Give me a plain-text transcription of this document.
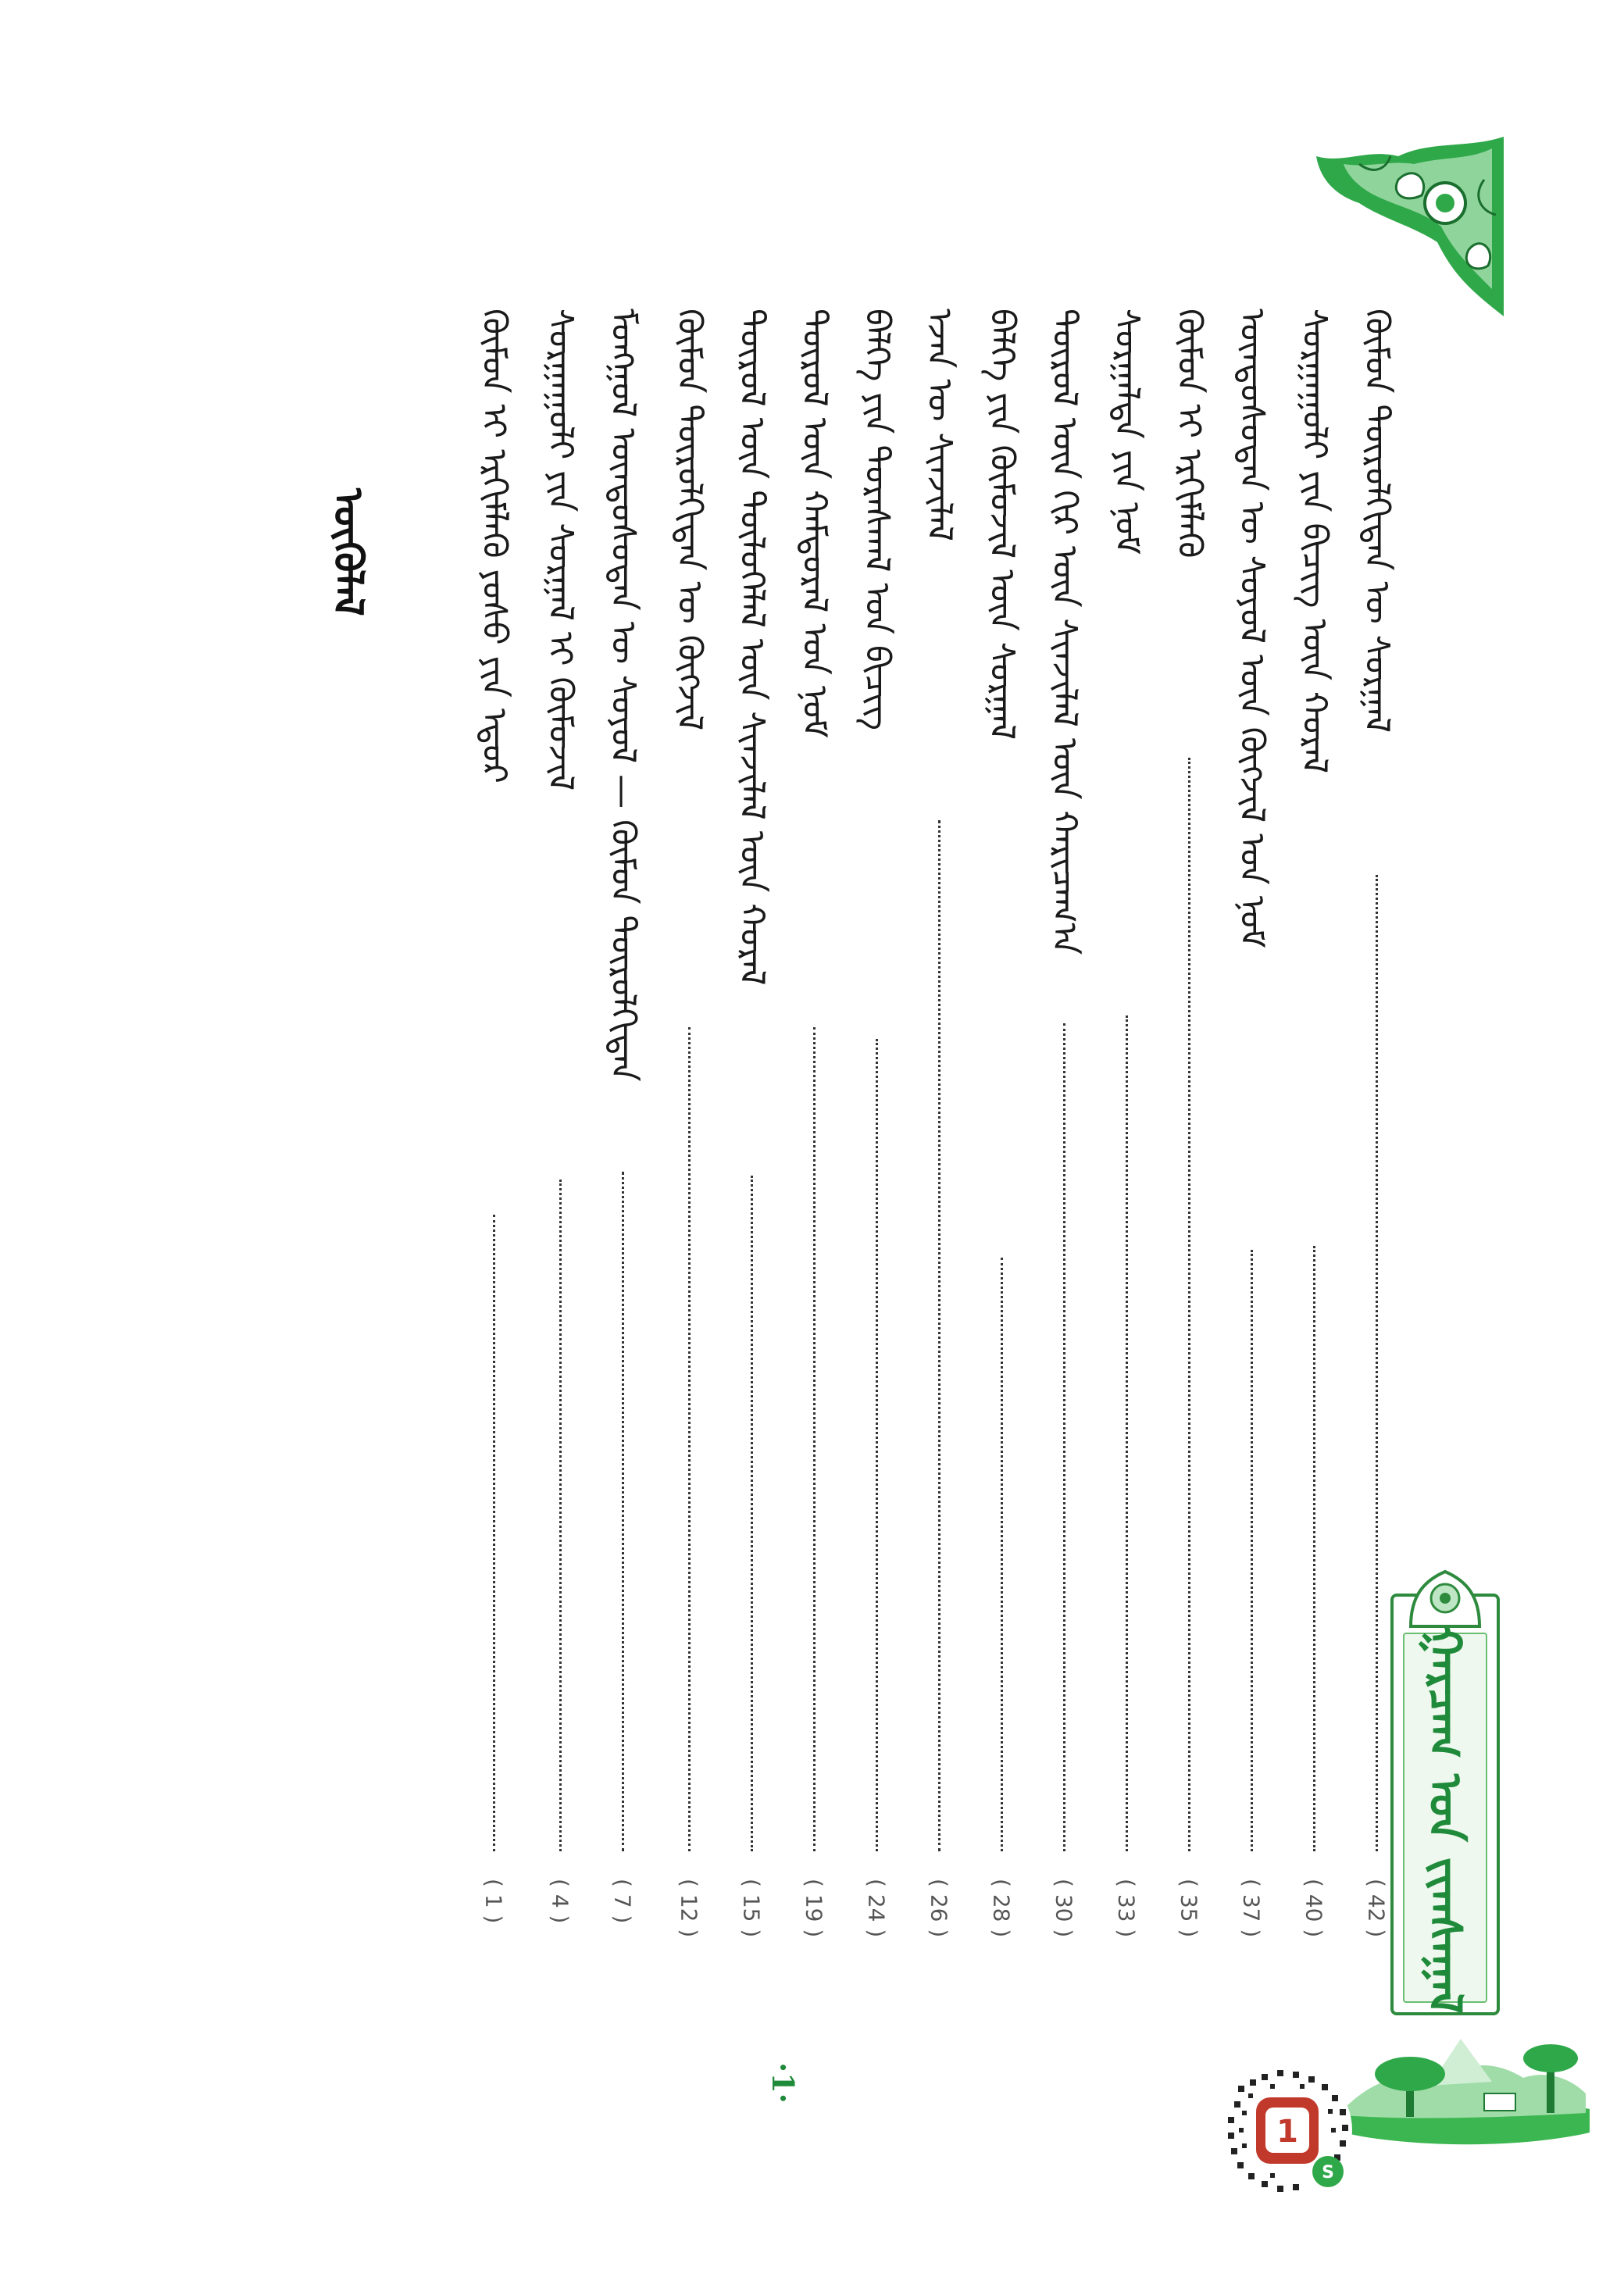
ᠭᠠᠷᠴᠠᠭ ᠤᠨ ᠵᠢᠭᠰᠠᠭᠠᠯ
ᠬᠦᠮᠦᠨ ᠢ ᠡᠷᠬᠢᠮᠯᠡᠬᠦ ᠶᠣᠰᠣ ᠶᠢᠨ ᠡᠳᠦᠷ
( 1 )
ᠰᠤᠷᠭᠠᠭᠤᠯᠢ ᠶᠢᠨ ᠰᠤᠷᠭᠠᠯ ᠢ ᠬᠦᠮᠦᠵᠢᠯ
( 4 )
ᠮᠣᠩᠭᠣᠯ ᠦᠨᠳᠦᠰᠦᠲᠡᠨ ᠦ ᠰᠣᠶᠣᠯ — ᠬᠦᠮᠦᠨ ᠲᠥᠷᠦᠯᠬᠢᠲᠡᠨ
( 7 )
ᠬᠦᠮᠦᠨ ᠲᠥᠷᠦᠯᠬᠢᠲᠡᠨ ᠦ ᠬᠥᠭᠵᠢᠯ
( 12 )
ᠲᠥᠷᠦᠯ ᠦᠨ ᠲᠥᠯᠦᠭᠡᠯᠡᠯ ᠦᠨ ᠰᠢᠨᠵᠢᠯᠡᠯ ᠦᠨ ᠬᠤᠷᠠᠯ
( 15 )
ᠲᠥᠷᠦᠯ ᠦᠨ ᠬᠠᠮᠲᠤᠷᠠᠯ ᠤᠨ ᠨᠣᠮ
( 19 )
ᠪᠡᠯᠭᠡ ᠶᠢᠨ ᠳᠤᠷᠠᠰᠬᠠᠯ ᠤᠨ ᠪᠢᠴᠢᠭ
( 24 )
ᠡᠵᠡᠨ ᠦ ᠰᠢᠨᠵᠢᠯᠡᠯ
( 26 )
ᠪᠡᠯᠭᠡ ᠶᠢᠨ ᠬᠦᠮᠦᠵᠢᠯ ᠦᠨ ᠰᠤᠷᠭᠠᠯ
( 28 )
ᠲᠥᠷᠦᠯ ᠦᠨ ᠬᠢᠷ ᠦᠨ ᠰᠢᠨᠵᠢᠯᠡᠯ ᠦᠨ ᠬᠠᠷᠢᠴᠠᠭ᠎ᠠ
( 30 )
ᠰᠤᠷᠭᠠᠯᠲᠠ ᠶᠢᠨ ᠨᠣᠮ
( 33 )
ᠬᠦᠮᠦᠨ ᠢ ᠡᠷᠬᠢᠮᠯᠡᠬᠦ
( 35 )
ᠦᠨᠳᠦᠰᠦᠲᠡᠨ ᠦ ᠰᠣᠶᠣᠯ ᠦᠨ ᠬᠥᠭᠵᠢᠯ ᠤᠨ ᠨᠣᠮ
( 37 )
ᠰᠤᠷᠭᠠᠭᠤᠯᠢ ᠶᠢᠨ ᠪᠢᠴᠢᠭ ᠦᠨ ᠬᠤᠷᠠᠯ
( 40 )
ᠬᠦᠮᠦᠨ ᠲᠥᠷᠦᠯᠬᠢᠲᠡᠨ ᠦ ᠰᠤᠷᠭᠠᠯ
( 42 )
ᠦᠭᠦᠯᠡᠯ
·1·
1
S
